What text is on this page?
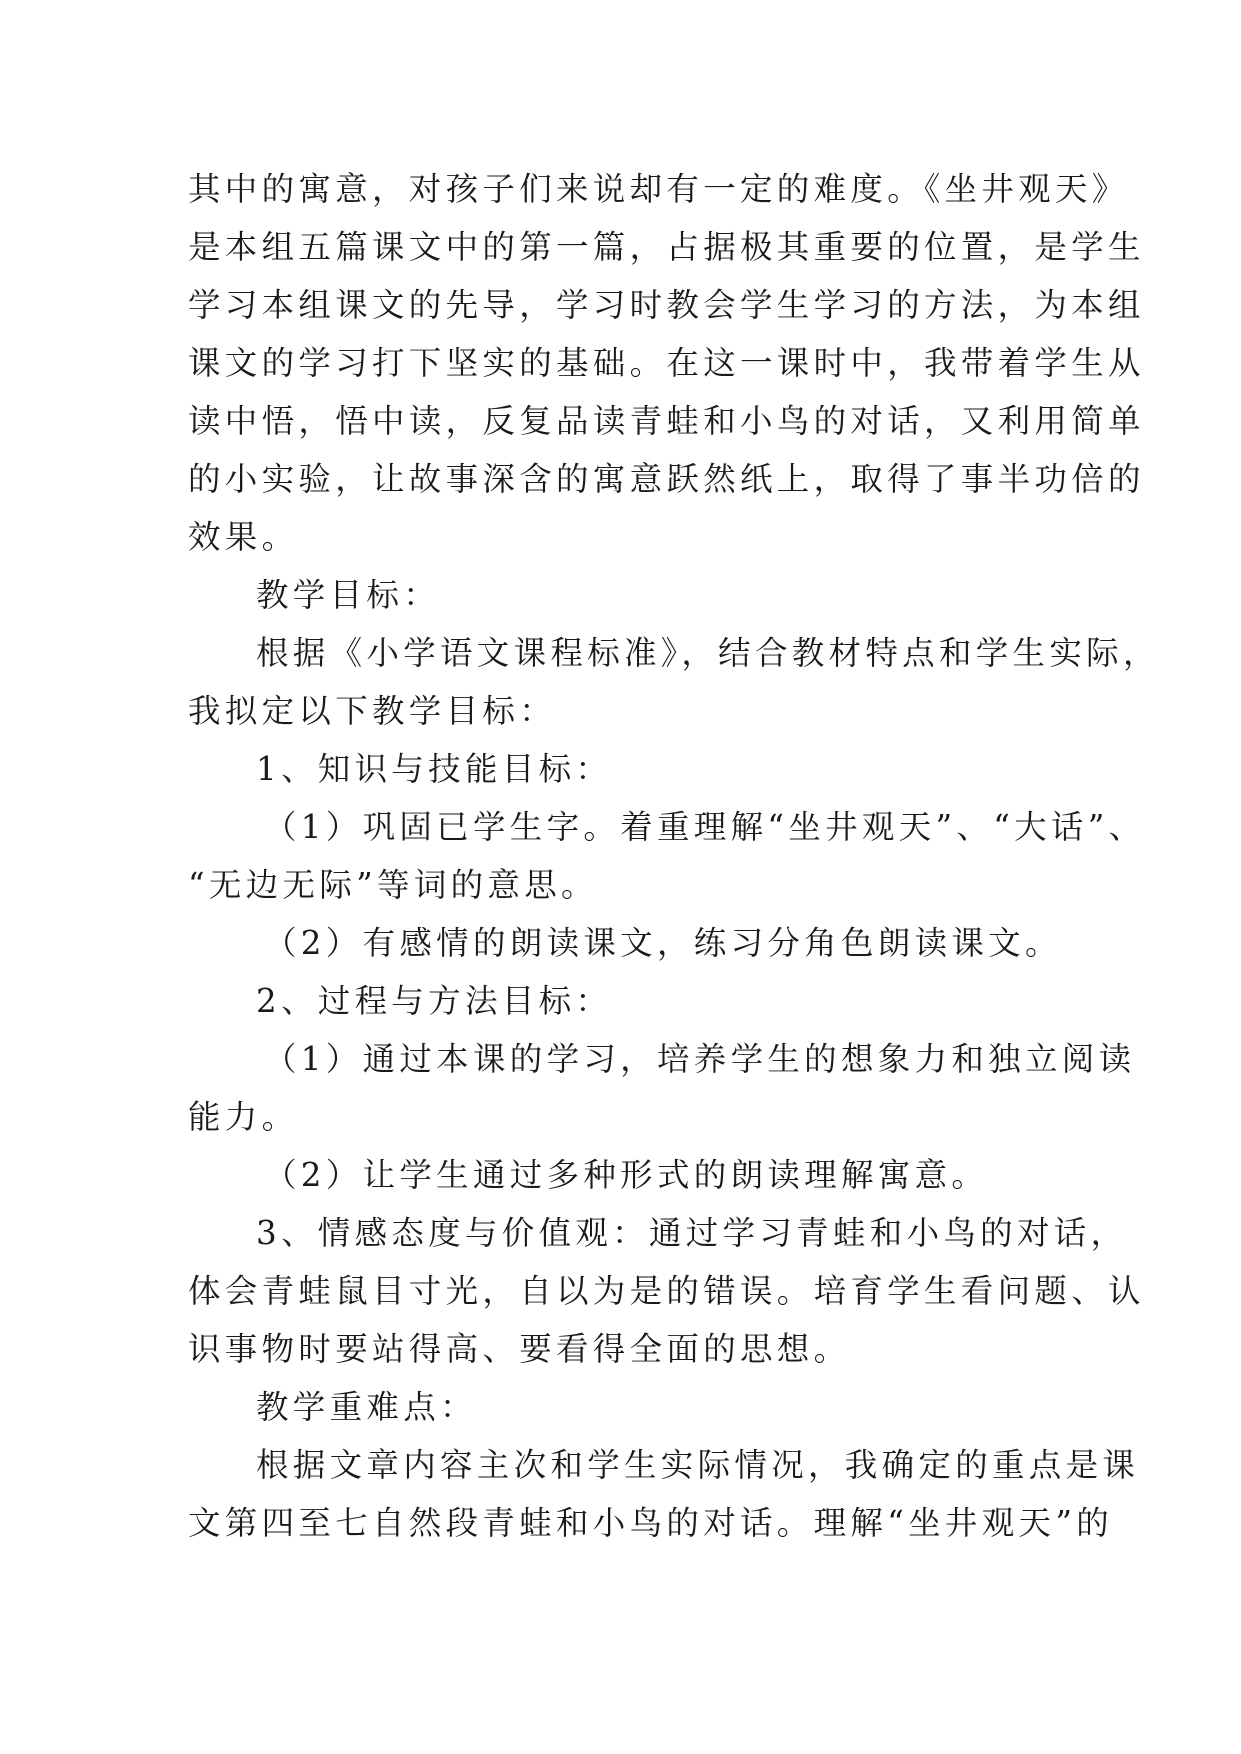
其中的寓意，对孩子们来说却有一定的难度。《坐井观天》
是本组五篇课文中的第一篇，占据极其重要的位置，是学生
学习本组课文的先导，学习时教会学生学习的方法，为本组
课文的学习打下坚实的基础。在这一课时中，我带着学生从
读中悟，悟中读，反复品读青蛙和小鸟的对话，又利用简单
的小实验，让故事深含的寓意跃然纸上，取得了事半功倍的
效果。
教学目标：
根据《小学语文课程标准》，结合教材特点和学生实际，
我拟定以下教学目标：
1、知识与技能目标：
（1）巩固已学生字。着重理解“坐井观天”、“大话”、
“无边无际”等词的意思。
（2）有感情的朗读课文，练习分角色朗读课文。
2、过程与方法目标：
（1）通过本课的学习，培养学生的想象力和独立阅读
能力。
（2）让学生通过多种形式的朗读理解寓意。
3、情感态度与价值观：通过学习青蛙和小鸟的对话，
体会青蛙鼠目寸光，自以为是的错误。培育学生看问题、认
识事物时要站得高、要看得全面的思想。
教学重难点：
根据文章内容主次和学生实际情况，我确定的重点是课
文第四至七自然段青蛙和小鸟的对话。理解“坐井观天”的
